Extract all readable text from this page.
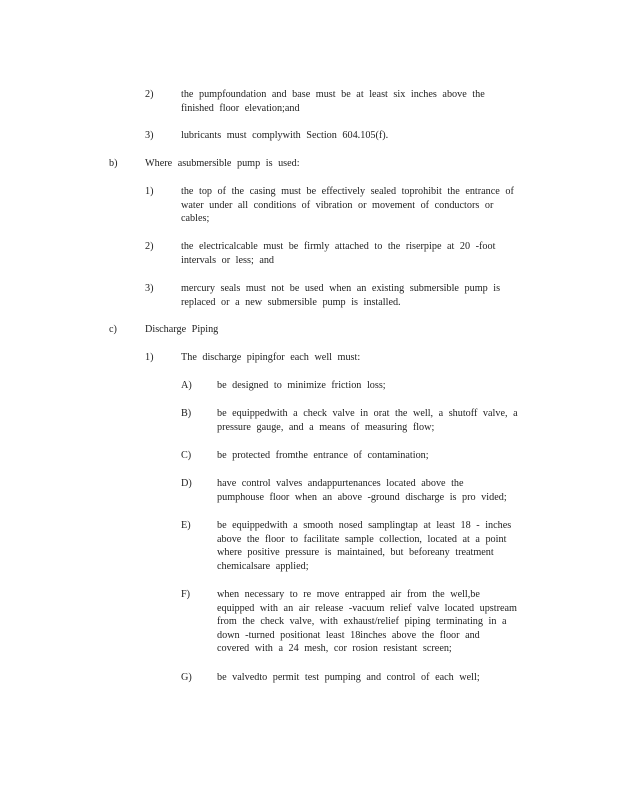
2)	the pumpfoundation and base must be at least six inches above the
finished floor elevation;and
3)	lubricants must complywith Section 604.105(f).
b)	Where asubmersible pump is used:
1)	the top of the casing must be effectively sealed toprohibit the entrance of
water under all conditions of vibration or movement of conductors or
cables;
2)	the electricalcable must be firmly attached to the riserpipe at 20 -foot
intervals or less; and
3)	mercury seals must not be used when an existing submersible pump is
replaced or a new submersible pump is installed.
c)	Discharge Piping
1)	The discharge pipingfor each well must:
A) be designed to minimize friction loss;
B)	be equippedwith a check valve in orat the well, a shutoff valve, a
pressure gauge, and a means of measuring flow;
C)	be protected fromthe entrance of contamination;
D) have control valves andappurtenances located above the
pumphouse floor when an above -ground discharge is pro vided;
E)	be equippedwith a smooth nosed samplingtap at least 18 - inches
above the floor to facilitate sample collection, located at a point
where positive pressure is maintained, but beforeany treatment
chemicalsare applied;
F)	when necessary to re move entrapped air from the well,be
equipped with an air release -vacuum relief valve located upstream
from the check valve, with exhaust/relief piping terminating in a
down -turned positionat least 18inches above the floor and
covered with a 24 mesh, cor rosion resistant screen;
G) be valvedto permit test pumping and control of each well;
